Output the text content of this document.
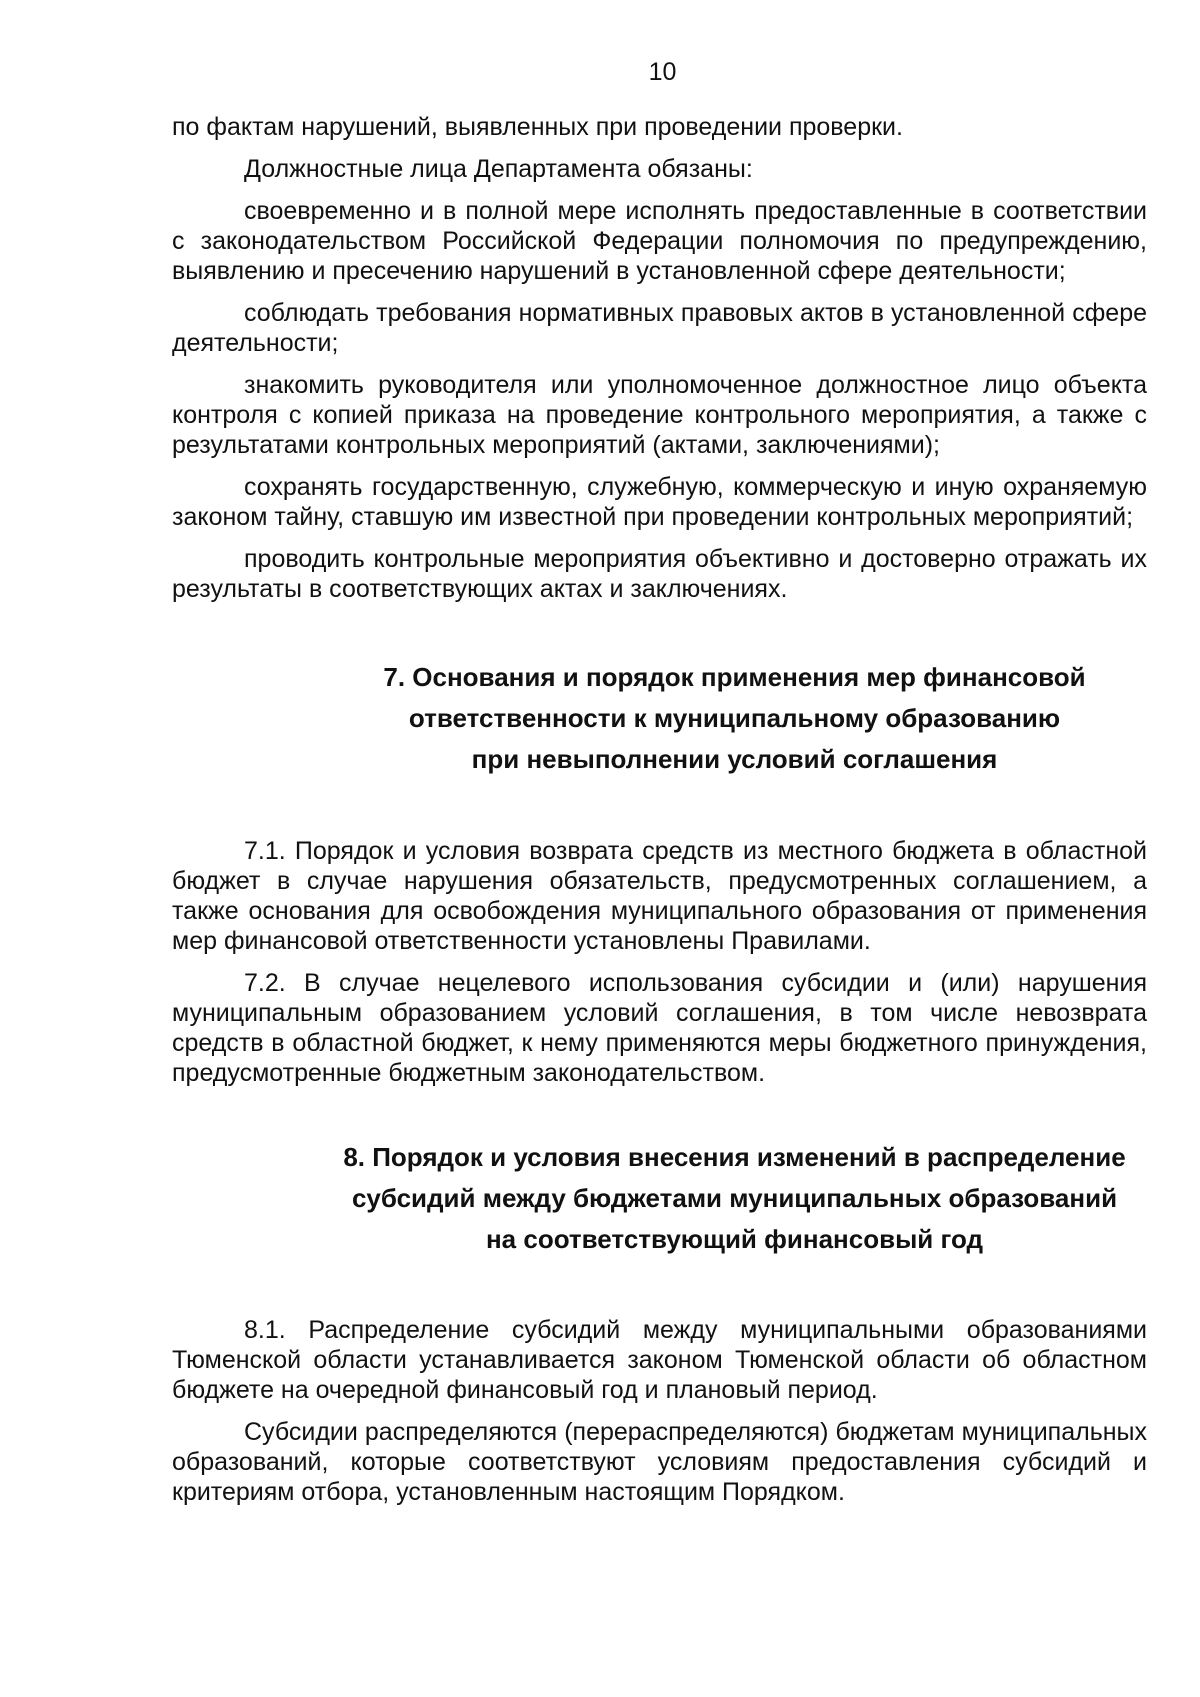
10

по фактам нарушений, выявленных при проведении проверки.

Должностные лица Департамента обязаны:

своевременно и в полной мере исполнять предоставленные в соответствии с законодательством Российской Федерации полномочия по предупреждению, выявлению и пресечению нарушений в установленной сфере деятельности;

соблюдать требования нормативных правовых актов в установленной сфере деятельности;

знакомить руководителя или уполномоченное должностное лицо объекта контроля с копией приказа на проведение контрольного мероприятия, а также с результатами контрольных мероприятий (актами, заключениями);

сохранять государственную, служебную, коммерческую и иную охраняемую законом тайну, ставшую им известной при проведении контрольных мероприятий;

проводить контрольные мероприятия объективно и достоверно отражать их результаты в соответствующих актах и заключениях.

7. Основания и порядок применения мер финансовой
ответственности к муниципальному образованию
при невыполнении условий соглашения

7.1. Порядок и условия возврата средств из местного бюджета в областной бюджет в случае нарушения обязательств, предусмотренных соглашением, а также основания для освобождения муниципального образования от применения мер финансовой ответственности установлены Правилами.

7.2. В случае нецелевого использования субсидии и (или) нарушения муниципальным образованием условий соглашения, в том числе невозврата средств в областной бюджет, к нему применяются меры бюджетного принуждения, предусмотренные бюджетным законодательством.

8. Порядок и условия внесения изменений в распределение
субсидий между бюджетами муниципальных образований
на соответствующий финансовый год

8.1. Распределение субсидий между муниципальными образованиями Тюменской области устанавливается законом Тюменской области об областном бюджете на очередной финансовый год и плановый период.

Субсидии распределяются (перераспределяются) бюджетам муниципальных образований, которые соответствуют условиям предоставления субсидий и критериям отбора, установленным настоящим Порядком.
